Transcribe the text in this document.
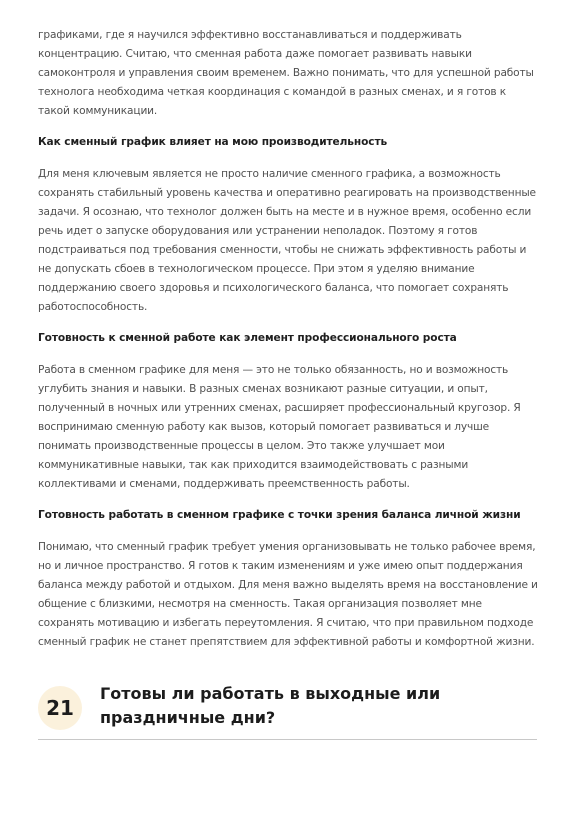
графиками, где я научился эффективно восстанавливаться и поддерживать концентрацию. Считаю, что сменная работа даже помогает развивать навыки самоконтроля и управления своим временем. Важно понимать, что для успешной работы технолога необходима четкая координация с командой в разных сменах, и я готов к такой коммуникации.

Как сменный график влияет на мою производительность

Для меня ключевым является не просто наличие сменного графика, а возможность сохранять стабильный уровень качества и оперативно реагировать на производственные задачи. Я осознаю, что технолог должен быть на месте и в нужное время, особенно если речь идет о запуске оборудования или устранении неполадок. Поэтому я готов подстраиваться под требования сменности, чтобы не снижать эффективность работы и не допускать сбоев в технологическом процессе. При этом я уделяю внимание поддержанию своего здоровья и психологического баланса, что помогает сохранять работоспособность.

Готовность к сменной работе как элемент профессионального роста

Работа в сменном графике для меня — это не только обязанность, но и возможность углубить знания и навыки. В разных сменах возникают разные ситуации, и опыт, полученный в ночных или утренних сменах, расширяет профессиональный кругозор. Я воспринимаю сменную работу как вызов, который помогает развиваться и лучше понимать производственные процессы в целом. Это также улучшает мои коммуникативные навыки, так как приходится взаимодействовать с разными коллективами и сменами, поддерживать преемственность работы.

Готовность работать в сменном графике с точки зрения баланса личной жизни

Понимаю, что сменный график требует умения организовывать не только рабочее время, но и личное пространство. Я готов к таким изменениям и уже имею опыт поддержания баланса между работой и отдыхом. Для меня важно выделять время на восстановление и общение с близкими, несмотря на сменность. Такая организация позволяет мне сохранять мотивацию и избегать переутомления. Я считаю, что при правильном подходе сменный график не станет препятствием для эффективной работы и комфортной жизни.

21
Готовы ли работать в выходные или праздничные дни?
